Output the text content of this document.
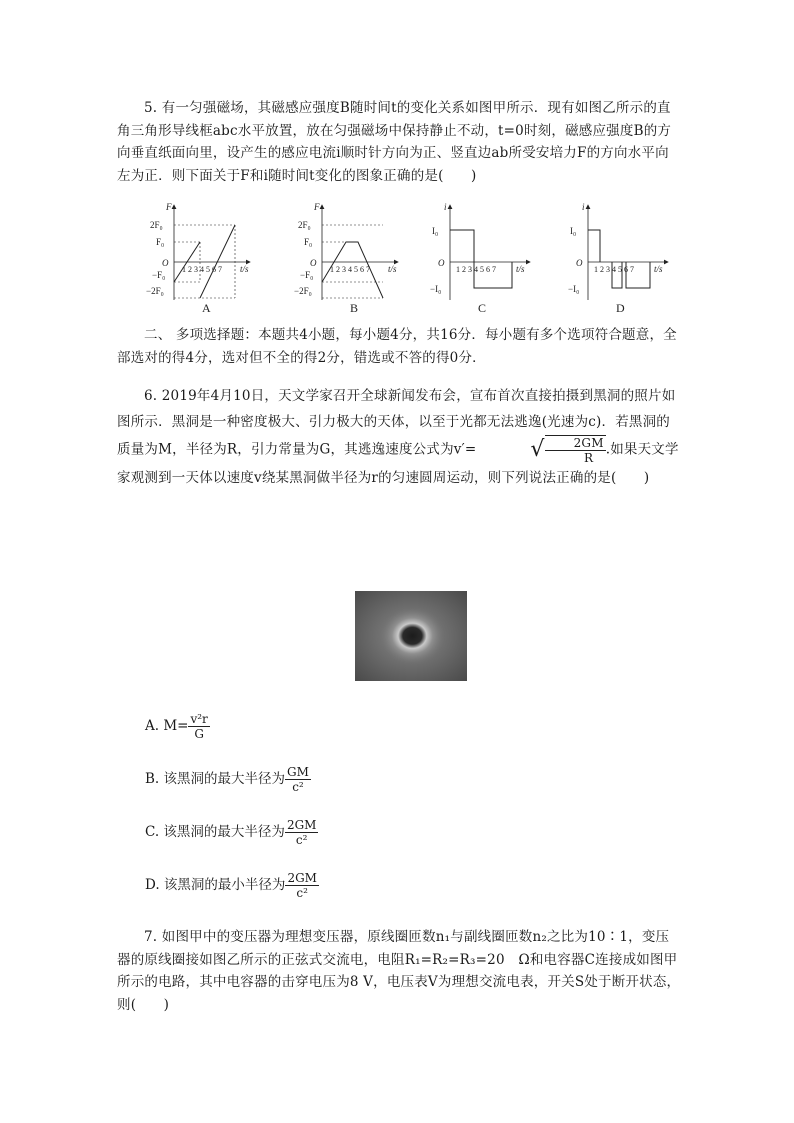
5. 有一匀强磁场，其磁感应强度B随时间t的变化关系如图甲所示．现有如图乙所示的直角三角形导线框abc水平放置，放在匀强磁场中保持静止不动，t=0时刻，磁感应强度B的方向垂直纸面向里，设产生的感应电流i顺时针方向为正、竖直边ab所受安培力F的方向水平向左为正．则下面关于F和i随时间t变化的图象正确的是(　　)
F
2F₀
F₀
O
−F₀
−2F₀
1 2 3 4 5 6 7 t/s
A
F
2F₀
F₀
O
−F₀
−2F₀
1 2 3 4 5 6 7 t/s
B
i
I₀
O
−I₀
1 2 3 4 5 6 7 t/s
C
i
I₀
O
−I₀
1 2 3 4 5 6 7 t/s
D
二、 多项选择题：本题共4小题，每小题4分，共16分．每小题有多个选项符合题意，全部选对的得4分，选对但不全的得2分，错选或不答的得0分．
6. 2019年4月10日，天文学家召开全球新闻发布会，宣布首次直接拍摄到黑洞的照片如图所示．黑洞是一种密度极大、引力极大的天体，以至于光都无法逃逸(光速为c)．若黑洞的质量为M，半径为R，引力常量为G，其逃逸速度公式为v′= √ $\frac{2GM}{R}$ .如果天文学家观测到一天体以速度v绕某黑洞做半径为r的匀速圆周运动，则下列说法正确的是(　　)
A. $M= \frac{\text{v²r}}{G}$
B. 该黑洞的最大半径为 $\frac{GM}{\text{c²}}$
C. 该黑洞的最大半径为 $\frac{2GM}{\text{c²}}$
D. 该黑洞的最小半径为 $\frac{2GM}{\text{c²}}$
7. 如图甲中的变压器为理想变压器，原线圈匝数n₁与副线圈匝数n₂之比为10∶1，变压器的原线圈接如图乙所示的正弦式交流电，电阻R₁=R₂=R₃=20　Ω和电容器C连接成如图甲所示的电路，其中电容器的击穿电压为8 V，电压表V为理想交流电表，开关S处于断开状态，则(　　)
